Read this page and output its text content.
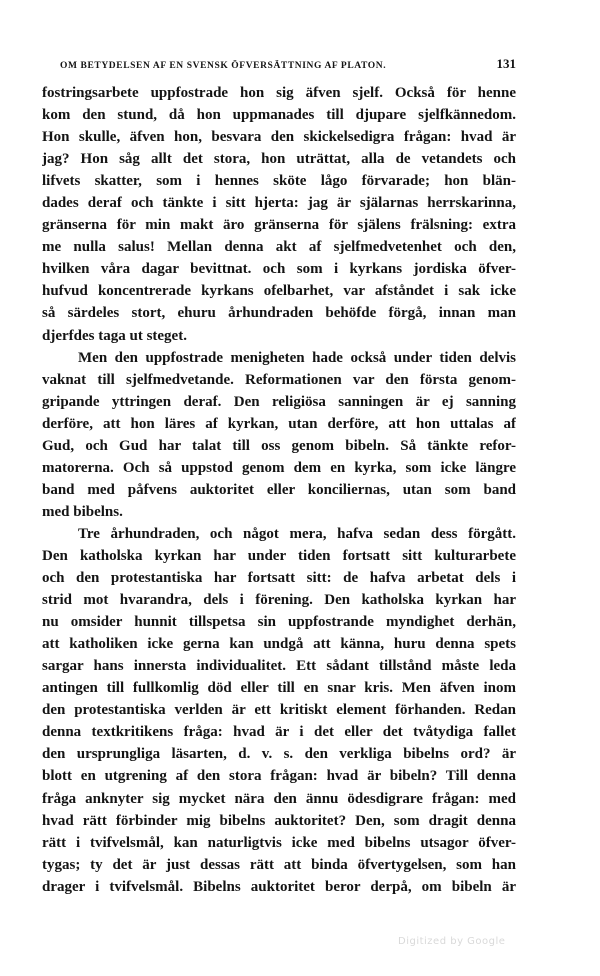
OM BETYDELSEN AF EN SVENSK ÖFVERSÄTTNING AF PLATON.	131
fostringsarbete uppfostrade hon sig äfven sjelf. Också för henne
kom den stund, då hon uppmanades till djupare sjelfkännedom.
Hon skulle, äfven hon, besvara den skickelsedigra frågan: hvad är
jag? Hon såg allt det stora, hon uträttat, alla de vetandets och
lifvets skatter, som i hennes sköte lågo förvarade; hon blän-
dades deraf och tänkte i sitt hjerta: jag är själarnas herrskarinna,
gränserna för min makt äro gränserna för själens frälsning: extra
me nulla salus! Mellan denna akt af sjelfmedvetenhet och den,
hvilken våra dagar bevittnat. och som i kyrkans jordiska öfver-
hufvud koncentrerade kyrkans ofelbarhet, var afståndet i sak icke
så särdeles stort, ehuru århundraden behöfde förgå, innan man
djerfdes taga ut steget.
Men den uppfostrade menigheten hade också under tiden delvis
vaknat till sjelfmedvetande. Reformationen var den första genom-
gripande yttringen deraf. Den religiösa sanningen är ej sanning
derföre, att hon läres af kyrkan, utan derföre, att hon uttalas af
Gud, och Gud har talat till oss genom bibeln. Så tänkte refor-
matorerna. Och så uppstod genom dem en kyrka, som icke längre
band med påfvens auktoritet eller konciliernas, utan som band
med bibelns.
Tre århundraden, och något mera, hafva sedan dess förgått.
Den katholska kyrkan har under tiden fortsatt sitt kulturarbete
och den protestantiska har fortsatt sitt: de hafva arbetat dels i
strid mot hvarandra, dels i förening. Den katholska kyrkan har
nu omsider hunnit tillspetsa sin uppfostrande myndighet derhän,
att katholiken icke gerna kan undgå att känna, huru denna spets
sargar hans innersta individualitet. Ett sådant tillstånd måste leda
antingen till fullkomlig död eller till en snar kris. Men äfven inom
den protestantiska verlden är ett kritiskt element förhanden. Redan
denna textkritikens fråga: hvad är i det eller det tvåtydiga fallet
den ursprungliga läsarten, d. v. s. den verkliga bibelns ord? är
blott en utgrening af den stora frågan: hvad är bibeln? Till denna
fråga anknyter sig mycket nära den ännu ödesdigrare frågan: med
hvad rätt förbinder mig bibelns auktoritet? Den, som dragit denna
rätt i tvifvelsmål, kan naturligtvis icke med bibelns utsagor öfver-
tygas; ty det är just dessas rätt att binda öfvertygelsen, som han
drager i tvifvelsmål. Bibelns auktoritet beror derpå, om bibeln är
Digitized by Google
